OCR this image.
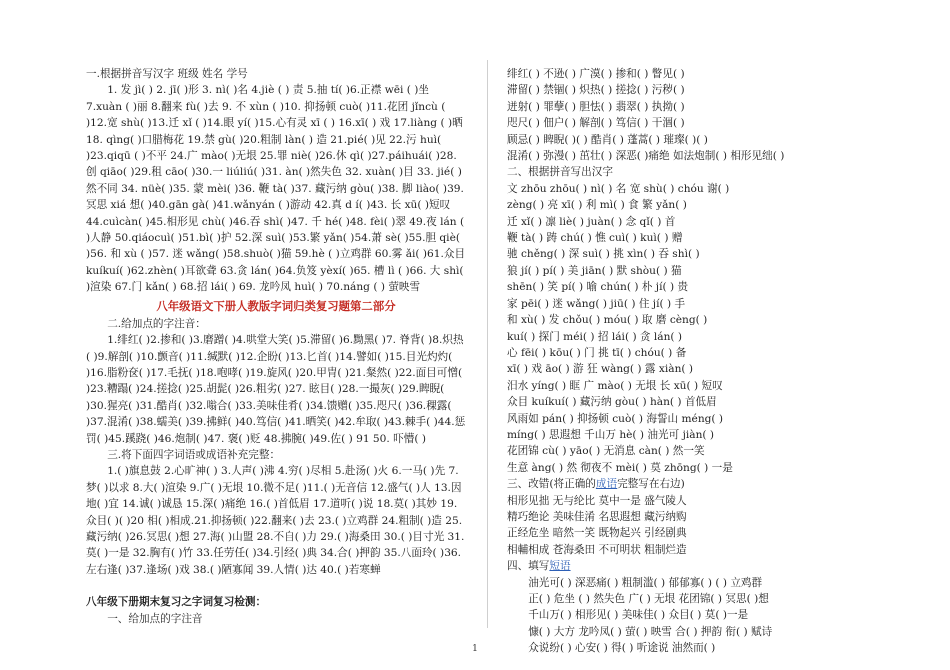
一.根据拼音写汉字 班级 姓名 学号

1. 发 jì( ) 2. jī( )形 3. nì( )名 4.jiè ( ) 责 5.抽 tí( )6.正襟 wēi ( )坐 7.xuàn ( )丽 8.翻来 fù( )去 9. 不 xùn ( )10. 抑扬顿 cuò( )11.花团 jǐncù ( )12.宽 shù( )13.迁 xǐ ( )14.眼 yí( )15.心有灵 xī ( ) 16.xī( ) 戏 17.liàng ( )晒 18. qìng( )口腊梅花 19.禁 gù( )20.粗制 làn( ) 造 21.pié( )见 22.污 huì( )23.qiqū ( )不平 24.广 mào( )无垠 25.罪 niè( )26.休 qì( )27.páihuái( )28.创 qiāo( )29.租 cāo( )30.一 liúliú( )31. àn( )然失色 32. xuàn( )目 33. jié( )然不同 34. nüè( )35. 蒙 mèi( )36. 鞭 tà( )37. 藏污纳 gòu( )38. 脚 liào( )39.冥思 xiá 想( )40.gān gà( )41.wǎnyán ( )游动 42.真 d í( )43. 长 xū( )短叹 44.cuìcàn( )45.相形见 chù( )46.吞 shì( )47. 千 hé( )48. fèi( )翠 49.夜 lán ( )人静 50.qiáocuì( )51.bì( )护 52.深 suì( )53.繁 yǎn( )54.萧 sè( )55.胆 qiè( )56. 和 xù ( )57. 迷 wǎng( )58.shuò( )猫 59.hè ( )立鸡群 60.雾 ǎi( )61.众目 kuíkuí( )62.zhèn( )耳欲聋 63.贪 lán( )64.负笈 yèxí( )65. 槽 lì ( )66. 大 shì( )渲染 67.门 kǎn( ) 68.招 lái( ) 69. 龙吟凤 huì( ) 70.náng ( ) 萤映雪

八年级语文下册人教版字词归类复习题第二部分

二.给加点的字注音：

1.绯红( )2.掺和( )3.磨蹭( )4.哄堂大笑( )5.滞留( )6.黝黑( )7. 脊背( )8.炽热( )9.解剖( )10.颤音( )11.缄默( )12.企盼( )13.匕首( )14.譬如( )15.目光灼灼( )16.脂粉奁( )17.毛抚( )18.咆哮( )19.旋风( )20.甲胄( )21.粲然( )22.面目可憎( )23.糟蹋( )24.搓捻( )25.胡髭( )26.粗劣( )27. 眩目( )28.一撮灰( )29.睥睨( )30.猩亮( )31.酷肖( )32.嗡合( )33.美味佳肴( )34.馈赠( )35.咫尺( )36.稞露( )37.混淆( )38.蠕美( )39.拂鲜( )40.笃信( )41.晒笑( )42.牟取( )43.棘手( )44.惩罚( )45.蹊跷( )46.炮制( )47. 褒( )贬 48.拂腕( )49.佐( ) 91 50. 吓懵( )

三.将下面四字词语或成语补充完整：

1.( )旗息鼓 2.心旷神( ) 3.人声( )沸 4.穷( )尽相 5.赴汤( )火 6.一马( )先 7.梦( )以求 8.大( )渲染 9.广( )无垠 10.微不足( )11.( )无音信 12.盛气( )人 13.因地( )宜 14.诚( )诚恳 15.深( )痛绝 16.( )首低眉 17.道听( )说 18.莫( )其妙 19.众目( )( )20 相( )相成.21.抑扬顿( )22.翻来( )去 23.( )立鸡群 24.粗制( )造 25.藏污纳( )26.冥思( )想 27.海( )山盟 28.不自( )力 29.( )海桑田 30.( )目寸光 31.莫( )一是 32.胸有( )竹 33.任劳任( )34.引经( )典 34.合( )押韵 35.八面玲( )36.左右逢( )37.逢场( )戏 38.( )陋寡闻 39.人情( )达 40.( )若寒蝉

八年级下册期末复习之字词复习检测：

一、给加点的字注音

绯红( ) 不逊( ) 广漠( ) 掺和( ) 瞥见( )

滞留( ) 禁锢( ) 炽热( ) 搓捻( ) 污秽( )

迸射( ) 罪孽( ) 胆怯( ) 翡翠( ) 执拗( )

咫尺( ) 佃户( ) 解剖( ) 笃信( ) 干涸( )

顾忌( ) 睥睨( )( ) 酷肖( ) 蓬蒿( ) 璀璨( )( )

混淆( ) 弥漫( ) 茁壮( ) 深恶( )痛绝 如法炮制( ) 相形见绌( )

二、根据拼音写出汉字

文 zhōu zhōu( ) nì( ) 名 宽 shù( ) chóu 谢( )

zèng( ) 亮 xī( ) 利 mì( ) 食 繁 yǎn( )

迁 xǐ( ) 凛 liè( ) juàn( ) 念 qǐ( ) 首

鞭 tà( ) 踌 chú( ) 憔 cuì( ) kuì( ) 赠

驰 chěng( ) 深 suì( ) 挑 xìn( ) 吞 shì( )

狼 jí( ) pí( ) 美 jiān( ) 默 shòu( ) 猫

shēn( ) 笑 pí( ) 喻 chún( ) 朴 jí( ) 贵

家 pēi( ) 迷 wǎng( ) jiū( ) 住 jí( ) 手

和 xù( ) 发 chǒu( ) móu( ) 取 磨 cèng( )

kuí( ) 探门 méi( ) 招 lái( ) 贪 lán( )

心 fēi( ) kōu( ) 门 挑 tī( ) chóu( ) 备

xī( ) 戏 āo( ) 游 狂 wàng( ) 露 xiàn( )

汨水 yíng( ) 眶 广 mào( ) 无垠 长 xū( ) 短叹

众目 kuíkuí( ) 藏污纳 gòu( ) hàn( ) 首低眉

风雨如 pán( ) 抑扬顿 cuò( ) 海誓山 méng( )

míng( ) 思遐想 千山万 hè( ) 油光可 jiàn( )

花团锦 cù( ) yāo( ) 无消息 càn( ) 然一笑

生意 àng( ) 然 彻夜不 mèi( ) 莫 zhōng( ) 一是

三、改错(将正确的成语完整写在右边)

相形见拙 无与纶比 莫中一是 盛气陵人

精巧绝论 美味佳淆 名思遐想 藏污纳购

正经危坐 暗然一笑 既物起兴 引经剧典

相輔相成 苍海桑田 不可明状 粗制烂造

四、填写短语

油光可( ) 深恶痛( ) 粗制滥( ) 郁郁寡( ) ( ) 立鸡群

正( ) 危坐 ( ) 然失色 广( ) 无垠 花团锦( ) 冥思( )想

千山万( ) 相形见( ) 美味佳( ) 众目( ) 莫( )一是

慷( ) 大方 龙吟凤( ) 萤( ) 映雪 合( ) 押韵 衔( ) 赋诗

众说纷( ) 心安( ) 得( ) 听途说 油然而( )

1
